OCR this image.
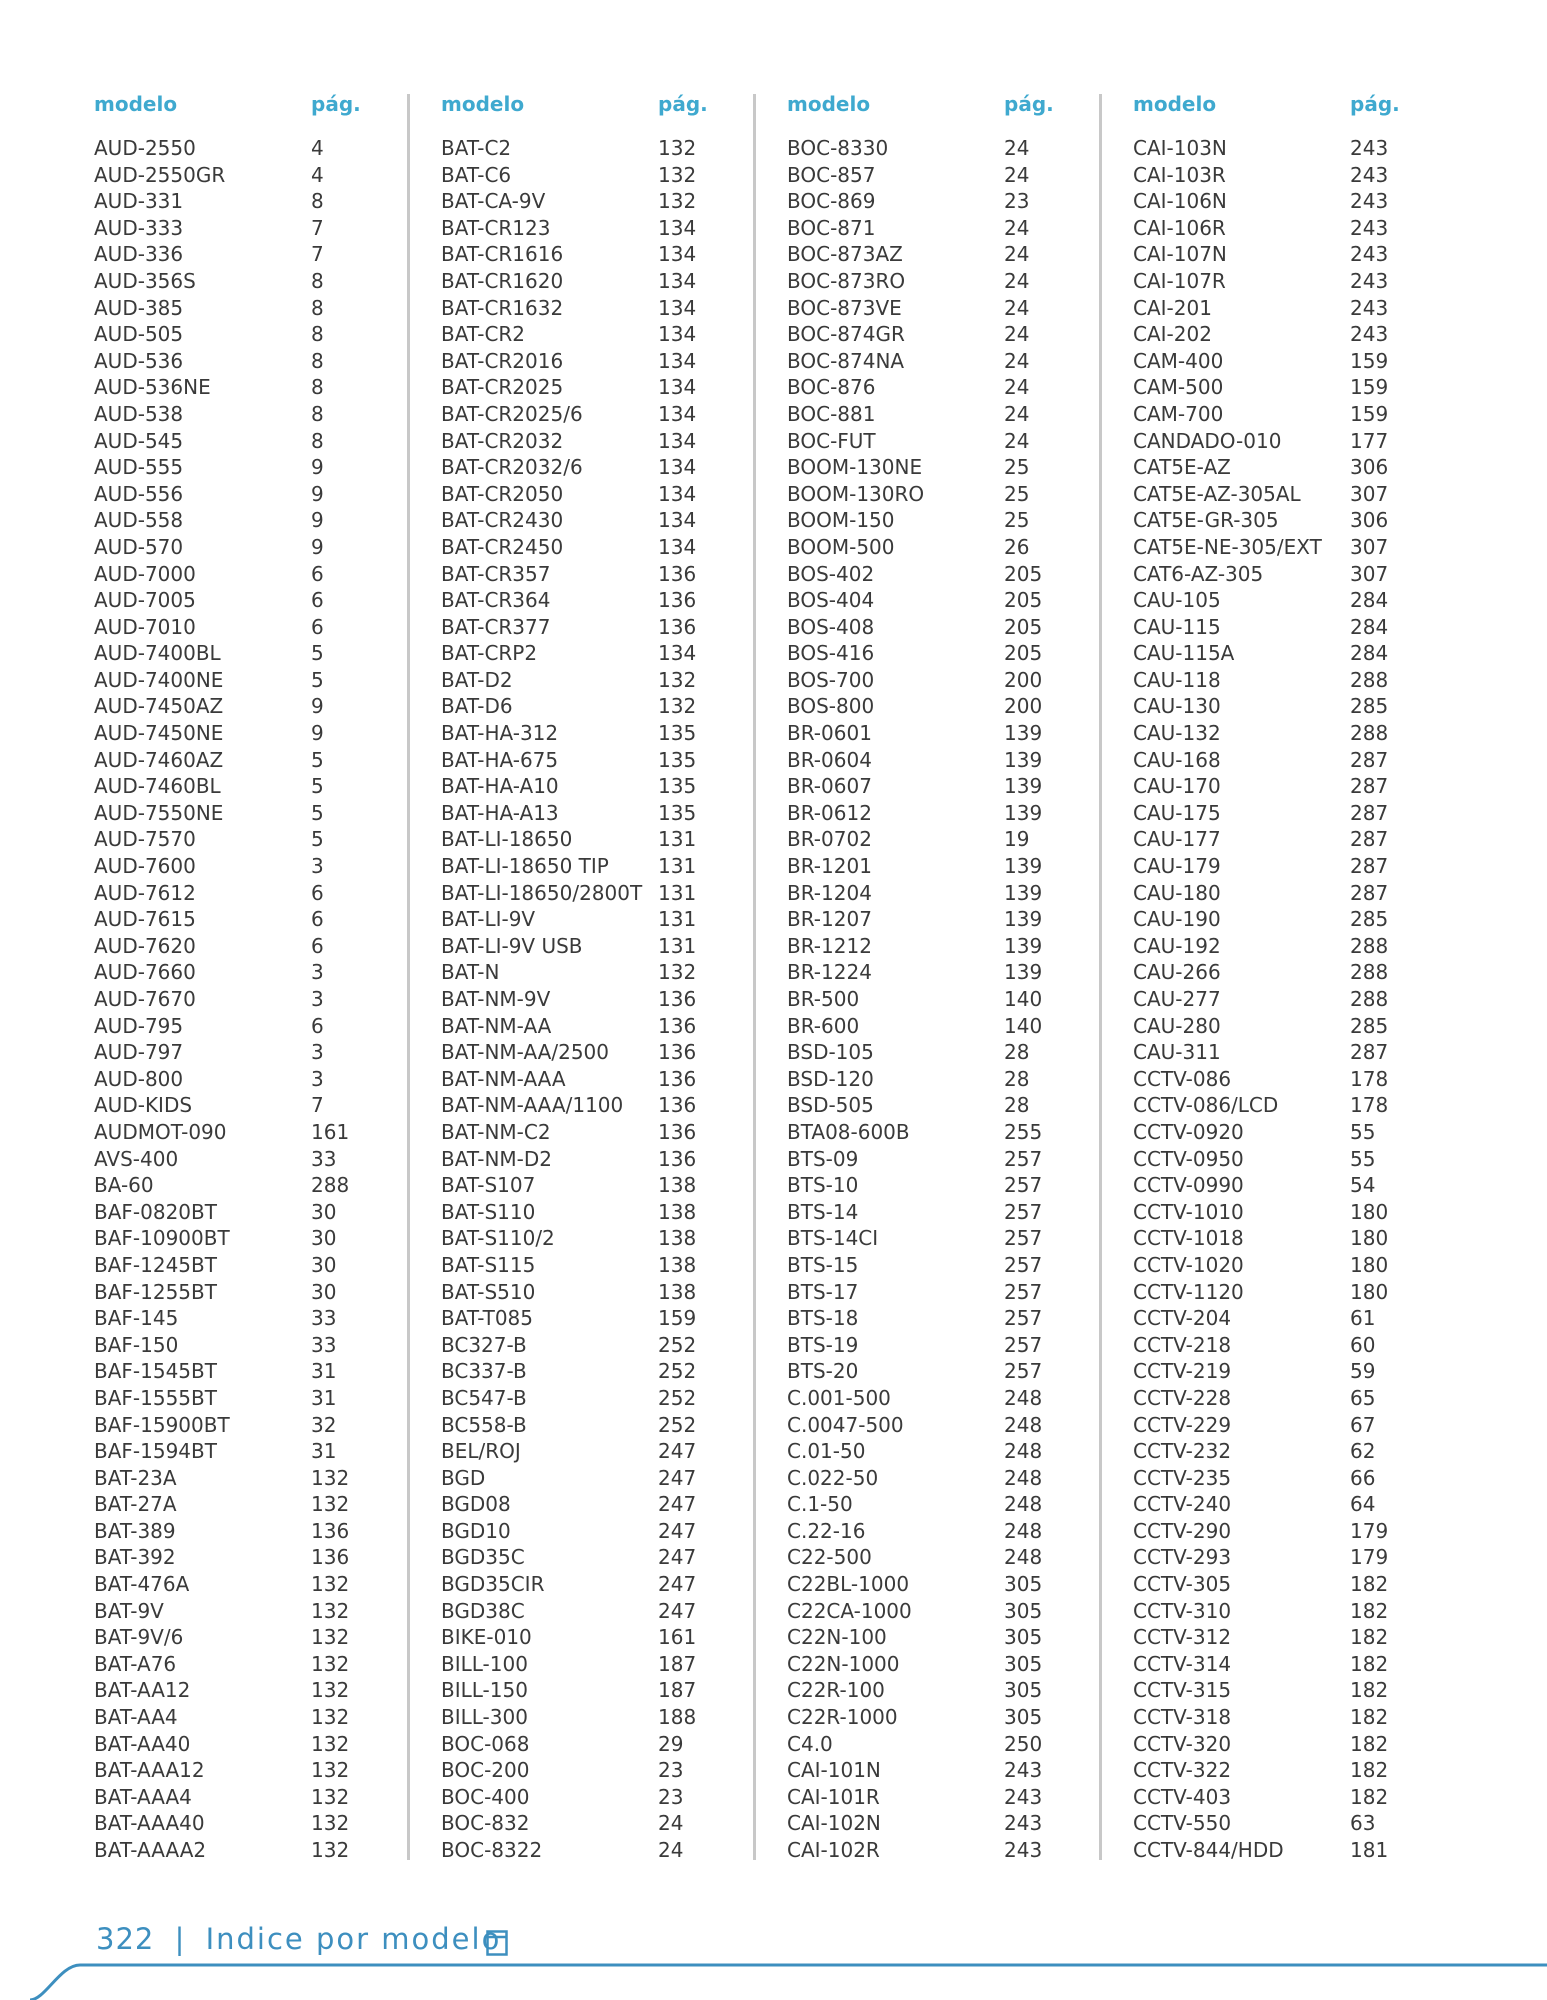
modelo	pág.
AUD-2550	4
AUD-2550GR	4
AUD-331	8
AUD-333	7
AUD-336	7
AUD-356S	8
AUD-385	8
AUD-505	8
AUD-536	8
AUD-536NE	8
AUD-538	8
AUD-545	8
AUD-555	9
AUD-556	9
AUD-558	9
AUD-570	9
AUD-7000	6
AUD-7005	6
AUD-7010	6
AUD-7400BL	5
AUD-7400NE	5
AUD-7450AZ	9
AUD-7450NE	9
AUD-7460AZ	5
AUD-7460BL	5
AUD-7550NE	5
AUD-7570	5
AUD-7600	3
AUD-7612	6
AUD-7615	6
AUD-7620	6
AUD-7660	3
AUD-7670	3
AUD-795	6
AUD-797	3
AUD-800	3
AUD-KIDS	7
AUDMOT-090	161
AVS-400	33
BA-60	288
BAF-0820BT	30
BAF-10900BT	30
BAF-1245BT	30
BAF-1255BT	30
BAF-145	33
BAF-150	33
BAF-1545BT	31
BAF-1555BT	31
BAF-15900BT	32
BAF-1594BT	31
BAT-23A	132
BAT-27A	132
BAT-389	136
BAT-392	136
BAT-476A	132
BAT-9V	132
BAT-9V/6	132
BAT-A76	132
BAT-AA12	132
BAT-AA4	132
BAT-AA40	132
BAT-AAA12	132
BAT-AAA4	132
BAT-AAA40	132
BAT-AAAA2	132
modelo	pág.
BAT-C2	132
BAT-C6	132
BAT-CA-9V	132
BAT-CR123	134
BAT-CR1616	134
BAT-CR1620	134
BAT-CR1632	134
BAT-CR2	134
BAT-CR2016	134
BAT-CR2025	134
BAT-CR2025/6	134
BAT-CR2032	134
BAT-CR2032/6	134
BAT-CR2050	134
BAT-CR2430	134
BAT-CR2450	134
BAT-CR357	136
BAT-CR364	136
BAT-CR377	136
BAT-CRP2	134
BAT-D2	132
BAT-D6	132
BAT-HA-312	135
BAT-HA-675	135
BAT-HA-A10	135
BAT-HA-A13	135
BAT-LI-18650	131
BAT-LI-18650 TIP 131
BAT-LI-18650/2800T 131
BAT-LI-9V	131
BAT-LI-9V USB	131
BAT-N	132
BAT-NM-9V	136
BAT-NM-AA	136
BAT-NM-AA/2500 136
BAT-NM-AAA	136
BAT-NM-AAA/1100 136
BAT-NM-C2	136
BAT-NM-D2	136
BAT-S107	138
BAT-S110	138
BAT-S110/2	138
BAT-S115	138
BAT-S510	138
BAT-T085	159
BC327-B	252
BC337-B	252
BC547-B	252
BC558-B	252
BEL/ROJ	247
BGD	247
BGD08	247
BGD10	247
BGD35C	247
BGD35CIR	247
BGD38C	247
BIKE-010	161
BILL-100	187
BILL-150	187
BILL-300	188
BOC-068	29
BOC-200	23
BOC-400	23
BOC-832	24
BOC-8322	24
modelo	pág.
BOC-8330	24
BOC-857	24
BOC-869	23
BOC-871	24
BOC-873AZ	24
BOC-873RO	24
BOC-873VE	24
BOC-874GR	24
BOC-874NA	24
BOC-876	24
BOC-881	24
BOC-FUT	24
BOOM-130NE	25
BOOM-130RO	25
BOOM-150	25
BOOM-500	26
BOS-402	205
BOS-404	205
BOS-408	205
BOS-416	205
BOS-700	200
BOS-800	200
BR-0601	139
BR-0604	139
BR-0607	139
BR-0612	139
BR-0702	19
BR-1201	139
BR-1204	139
BR-1207	139
BR-1212	139
BR-1224	139
BR-500	140
BR-600	140
BSD-105	28
BSD-120	28
BSD-505	28
BTA08-600B	255
BTS-09	257
BTS-10	257
BTS-14	257
BTS-14CI	257
BTS-15	257
BTS-17	257
BTS-18	257
BTS-19	257
BTS-20	257
C.001-500	248
C.0047-500	248
C.01-50	248
C.022-50	248
C.1-50	248
C.22-16	248
C22-500	248
C22BL-1000	305
C22CA-1000	305
C22N-100	305
C22N-1000	305
C22R-100	305
C22R-1000	305
C4.0	250
CAI-101N	243
CAI-101R	243
CAI-102N	243
CAI-102R	243
modelo	pág.
CAI-103N	243
CAI-103R	243
CAI-106N	243
CAI-106R	243
CAI-107N	243
CAI-107R	243
CAI-201	243
CAI-202	243
CAM-400	159
CAM-500	159
CAM-700	159
CANDADO-010	177
CAT5E-AZ	306
CAT5E-AZ-305AL 307
CAT5E-GR-305	306
CAT5E-NE-305/EXT 307
CAT6-AZ-305	307
CAU-105	284
CAU-115	284
CAU-115A	284
CAU-118	288
CAU-130	285
CAU-132	288
CAU-168	287
CAU-170	287
CAU-175	287
CAU-177	287
CAU-179	287
CAU-180	287
CAU-190	285
CAU-192	288
CAU-266	288
CAU-277	288
CAU-280	285
CAU-311	287
CCTV-086	178
CCTV-086/LCD	178
CCTV-0920	55
CCTV-0950	55
CCTV-0990	54
CCTV-1010	180
CCTV-1018	180
CCTV-1020	180
CCTV-1120	180
CCTV-204	61
CCTV-218	60
CCTV-219	59
CCTV-228	65
CCTV-229	67
CCTV-232	62
CCTV-235	66
CCTV-240	64
CCTV-290	179
CCTV-293	179
CCTV-305	182
CCTV-310	182
CCTV-312	182
CCTV-314	182
CCTV-315	182
CCTV-318	182
CCTV-320	182
CCTV-322	182
CCTV-403	182
CCTV-550	63
CCTV-844/HDD	181
322 | Indice por modelo
